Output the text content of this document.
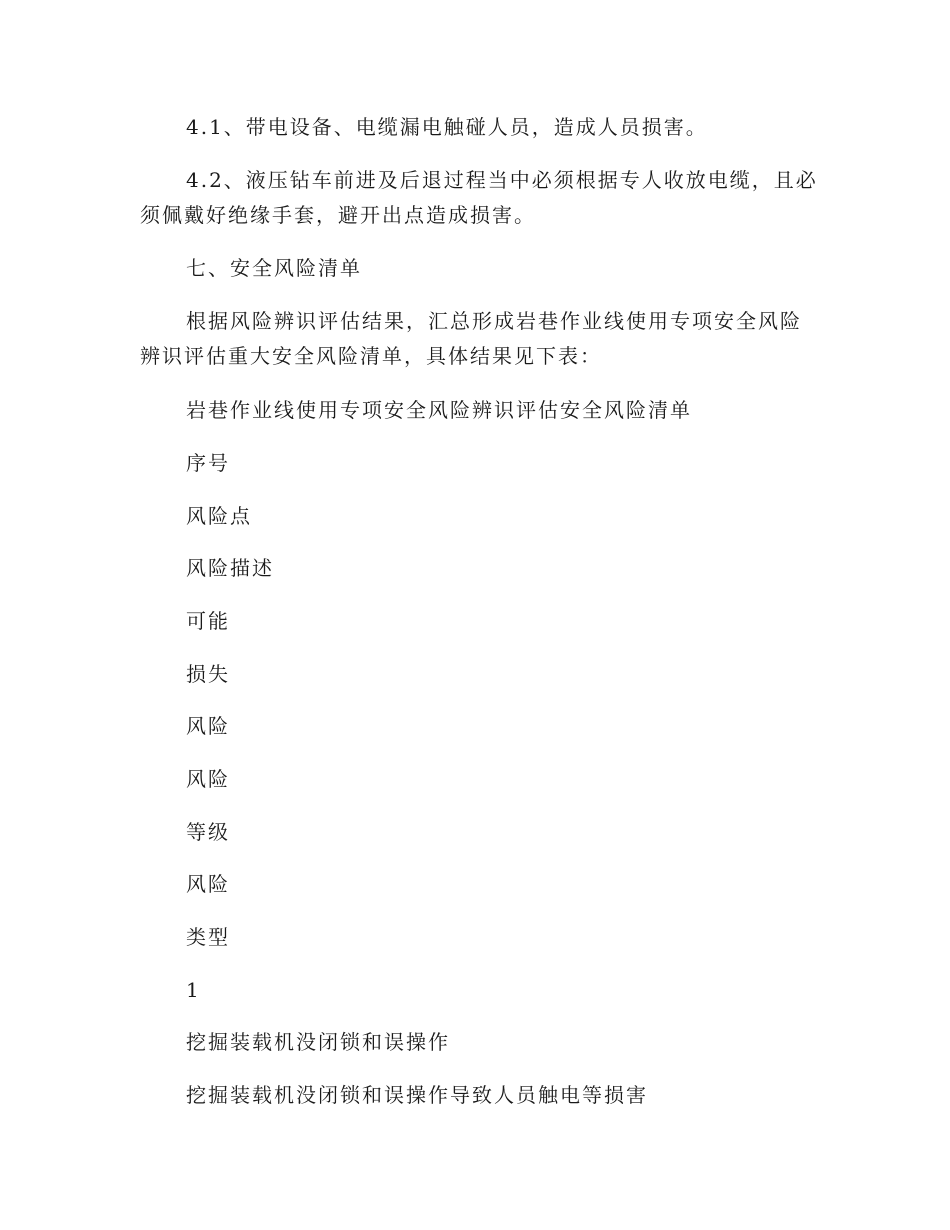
4.1、带电设备、电缆漏电触碰人员，造成人员损害。

4.2、液压钻车前进及后退过程当中必须根据专人收放电缆，且必

须佩戴好绝缘手套，避开出点造成损害。

七、安全风险清单

根据风险辨识评估结果，汇总形成岩巷作业线使用专项安全风险

辨识评估重大安全风险清单，具体结果见下表：

岩巷作业线使用专项安全风险辨识评估安全风险清单

序号

风险点

风险描述

可能

损失

风险

风险

等级

风险

类型

1

挖掘装载机没闭锁和误操作

挖掘装载机没闭锁和误操作导致人员触电等损害
